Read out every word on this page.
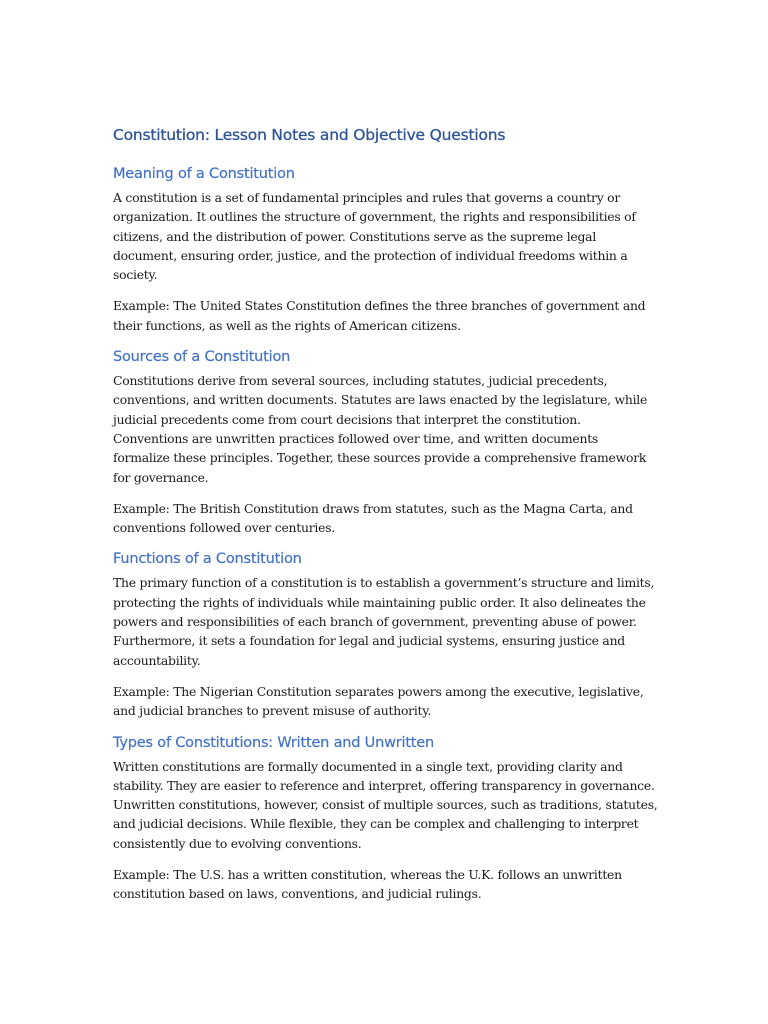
Constitution: Lesson Notes and Objective Questions
Meaning of a Constitution

A constitution is a set of fundamental principles and rules that governs a country or organization. It outlines the structure of government, the rights and responsibilities of citizens, and the distribution of power. Constitutions serve as the supreme legal document, ensuring order, justice, and the protection of individual freedoms within a society.

Example: The United States Constitution defines the three branches of government and their functions, as well as the rights of American citizens.

Sources of a Constitution

Constitutions derive from several sources, including statutes, judicial precedents, conventions, and written documents. Statutes are laws enacted by the legislature, while judicial precedents come from court decisions that interpret the constitution. Conventions are unwritten practices followed over time, and written documents formalize these principles. Together, these sources provide a comprehensive framework for governance.

Example: The British Constitution draws from statutes, such as the Magna Carta, and conventions followed over centuries.

Functions of a Constitution

The primary function of a constitution is to establish a government’s structure and limits, protecting the rights of individuals while maintaining public order. It also delineates the powers and responsibilities of each branch of government, preventing abuse of power. Furthermore, it sets a foundation for legal and judicial systems, ensuring justice and accountability.

Example: The Nigerian Constitution separates powers among the executive, legislative, and judicial branches to prevent misuse of authority.

Types of Constitutions: Written and Unwritten

Written constitutions are formally documented in a single text, providing clarity and stability. They are easier to reference and interpret, offering transparency in governance. Unwritten constitutions, however, consist of multiple sources, such as traditions, statutes, and judicial decisions. While flexible, they can be complex and challenging to interpret consistently due to evolving conventions.

Example: The U.S. has a written constitution, whereas the U.K. follows an unwritten constitution based on laws, conventions, and judicial rulings.
